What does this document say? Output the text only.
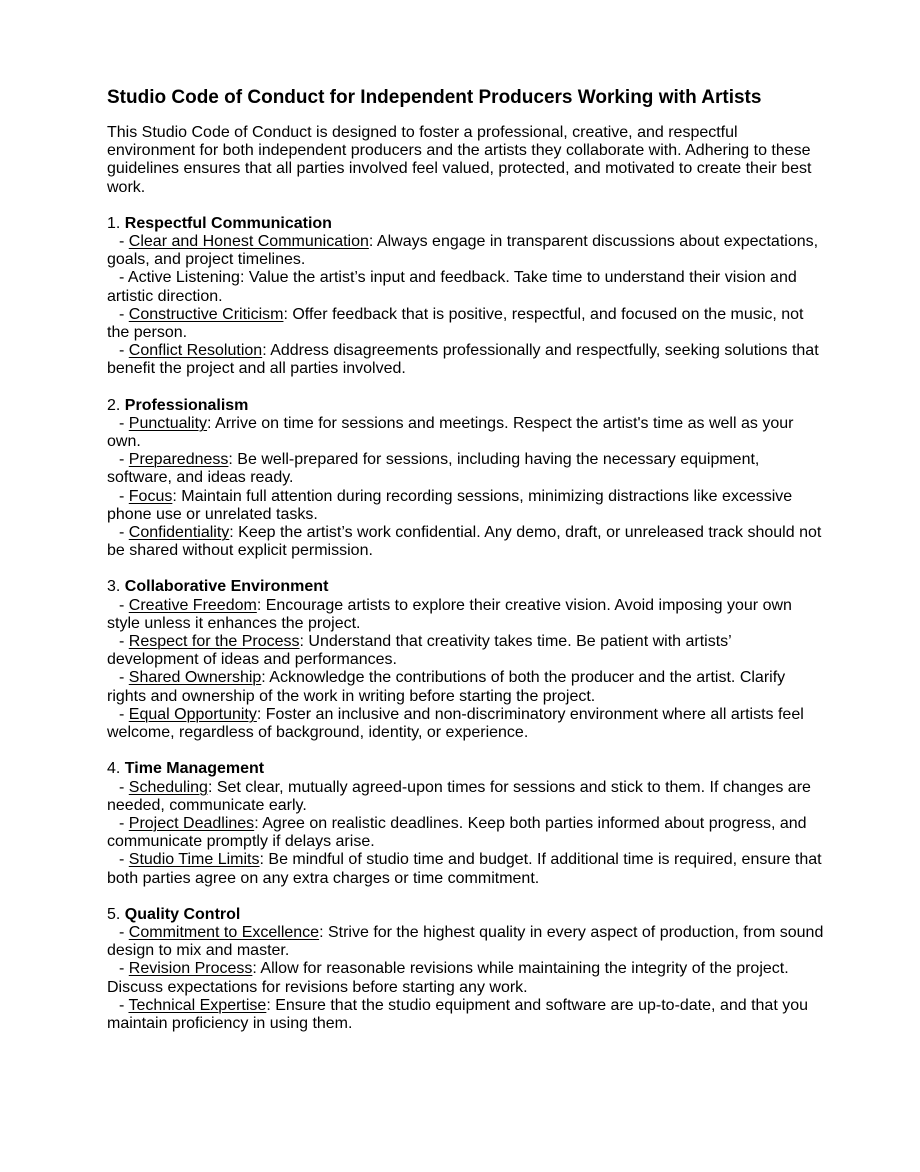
Studio Code of Conduct for Independent Producers Working with Artists

This Studio Code of Conduct is designed to foster a professional, creative, and respectful environment for both independent producers and the artists they collaborate with. Adhering to these guidelines ensures that all parties involved feel valued, protected, and motivated to create their best work.

1. Respectful Communication

- Clear and Honest Communication: Always engage in transparent discussions about expectations, goals, and project timelines.

- Active Listening: Value the artist’s input and feedback. Take time to understand their vision and artistic direction.

- Constructive Criticism: Offer feedback that is positive, respectful, and focused on the music, not the person.

- Conflict Resolution: Address disagreements professionally and respectfully, seeking solutions that benefit the project and all parties involved.

2. Professionalism

- Punctuality: Arrive on time for sessions and meetings. Respect the artist's time as well as your own.

- Preparedness: Be well-prepared for sessions, including having the necessary equipment, software, and ideas ready.

- Focus: Maintain full attention during recording sessions, minimizing distractions like excessive phone use or unrelated tasks.

- Confidentiality: Keep the artist’s work confidential. Any demo, draft, or unreleased track should not be shared without explicit permission.

3. Collaborative Environment

- Creative Freedom: Encourage artists to explore their creative vision. Avoid imposing your own style unless it enhances the project.

- Respect for the Process: Understand that creativity takes time. Be patient with artists’ development of ideas and performances.

- Shared Ownership: Acknowledge the contributions of both the producer and the artist. Clarify rights and ownership of the work in writing before starting the project.

- Equal Opportunity: Foster an inclusive and non-discriminatory environment where all artists feel welcome, regardless of background, identity, or experience.

4. Time Management

- Scheduling: Set clear, mutually agreed-upon times for sessions and stick to them. If changes are needed, communicate early.

- Project Deadlines: Agree on realistic deadlines. Keep both parties informed about progress, and communicate promptly if delays arise.

- Studio Time Limits: Be mindful of studio time and budget. If additional time is required, ensure that both parties agree on any extra charges or time commitment.

5. Quality Control

- Commitment to Excellence: Strive for the highest quality in every aspect of production, from sound design to mix and master.

- Revision Process: Allow for reasonable revisions while maintaining the integrity of the project. Discuss expectations for revisions before starting any work.

- Technical Expertise: Ensure that the studio equipment and software are up-to-date, and that you maintain proficiency in using them.
